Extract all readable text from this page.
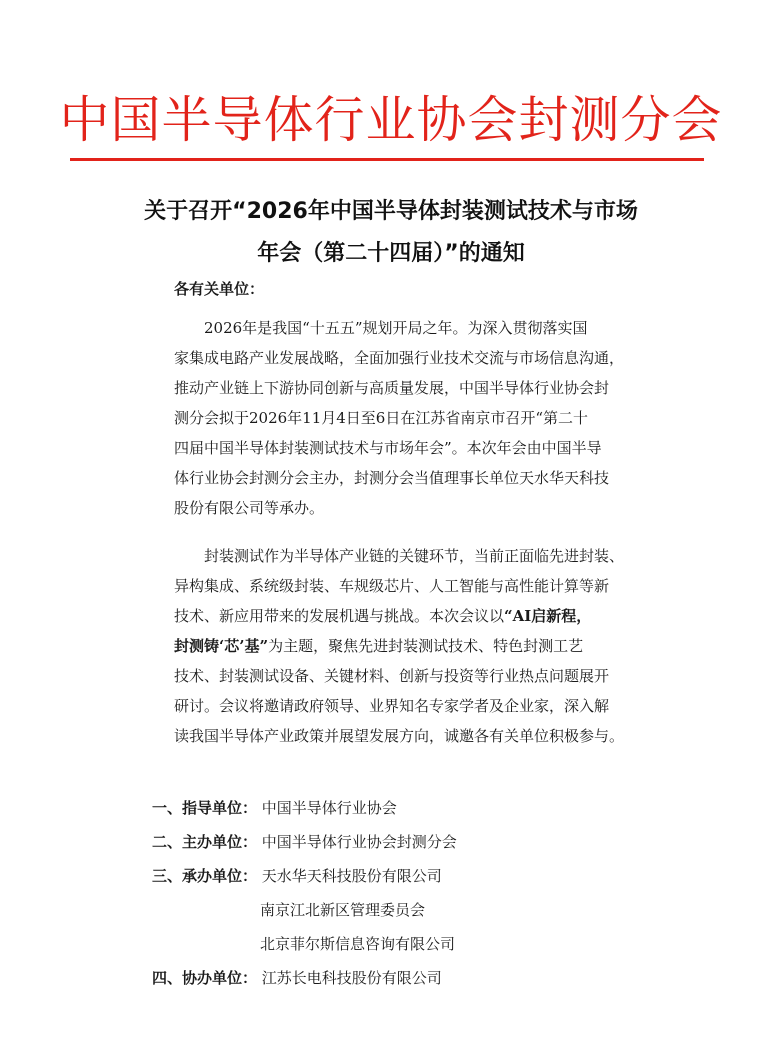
中国半导体行业协会封测分会
关于召开“2026年中国半导体封装测试技术与市场
年会（第二十四届）”的通知
各有关单位：
2026年是我国“十五五”规划开局之年。为深入贯彻落实国
家集成电路产业发展战略，全面加强行业技术交流与市场信息沟通，
推动产业链上下游协同创新与高质量发展，中国半导体行业协会封
测分会拟于2026年11月4日至6日在江苏省南京市召开“第二十
四届中国半导体封装测试技术与市场年会”。本次年会由中国半导
体行业协会封测分会主办，封测分会当值理事长单位天水华天科技
股份有限公司等承办。
封装测试作为半导体产业链的关键环节，当前正面临先进封装、
异构集成、系统级封装、车规级芯片、人工智能与高性能计算等新
技术、新应用带来的发展机遇与挑战。本次会议以“AI启新程，
封测铸‘芯’基”为主题，聚焦先进封装测试技术、特色封测工艺
技术、封装测试设备、关键材料、创新与投资等行业热点问题展开
研讨。会议将邀请政府领导、业界知名专家学者及企业家，深入解
读我国半导体产业政策并展望发展方向，诚邀各有关单位积极参与。
一、指导单位： 中国半导体行业协会
二、主办单位： 中国半导体行业协会封测分会
三、承办单位： 天水华天科技股份有限公司
南京江北新区管理委员会
北京菲尔斯信息咨询有限公司
四、协办单位： 江苏长电科技股份有限公司
